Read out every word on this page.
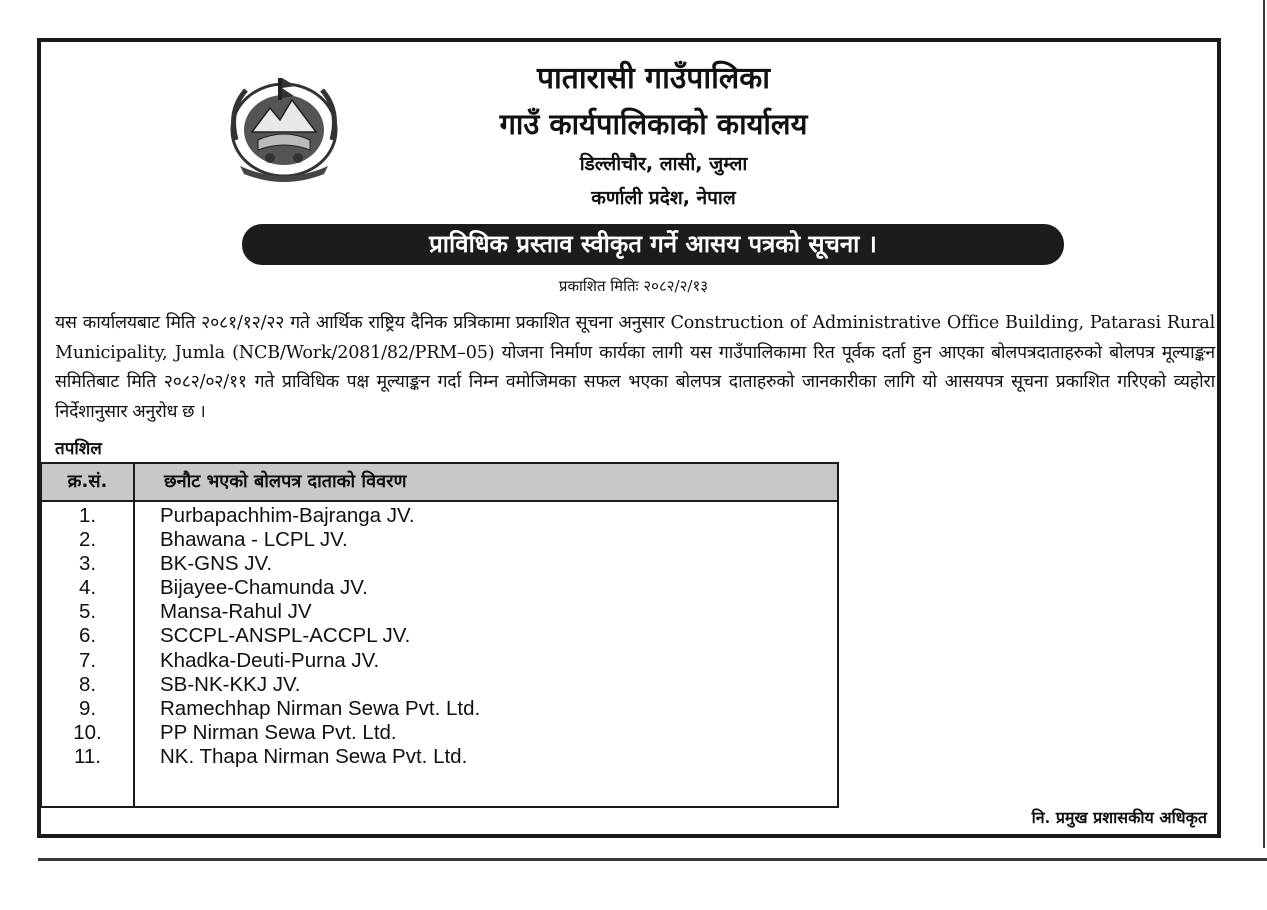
पातारासी गाउँपालिका
गाउँ कार्यपालिकाको कार्यालय
डिल्लीचौर, लासी, जुम्ला
कर्णाली प्रदेश, नेपाल
प्राविधिक प्रस्ताव स्वीकृत गर्ने आसय पत्रको सूचना ।
प्रकाशित मितिः २०८२/२/१३
यस कार्यालयबाट मिति २०८१/१२/२२ गते आर्थिक राष्ट्रिय दैनिक प्रत्रिकामा प्रकाशित सूचना अनुसार Construction of Administrative Office Building, Patarasi Rural Municipality, Jumla (NCB/Work/2081/82/PRM–05) योजना निर्माण कार्यका लागी यस गाउँपालिकामा रित पूर्वक दर्ता हुन आएका बोलपत्रदाताहरुको बोलपत्र मूल्याङ्कन समितिबाट मिति २०८२/०२/११ गते प्राविधिक पक्ष मूल्याङ्कन गर्दा निम्न वमोजिमका सफल भएका बोलपत्र दाताहरुको जानकारीका लागि यो आसयपत्र सूचना प्रकाशित गरिएको व्यहोरा निर्देशानुसार अनुरोध छ ।
तपशिल
क्र.सं.	छनौट भएको बोलपत्र दाताको विवरण
1.	Purbapachhim-Bajranga JV.
2.	Bhawana - LCPL JV.
3.	BK-GNS JV.
4.	Bijayee-Chamunda JV.
5.	Mansa-Rahul JV
6.	SCCPL-ANSPL-ACCPL JV.
7.	Khadka-Deuti-Purna JV.
8.	SB-NK-KKJ JV.
9.	Ramechhap Nirman Sewa Pvt. Ltd.
10.	PP Nirman Sewa Pvt. Ltd.
11.	NK. Thapa Nirman Sewa Pvt. Ltd.
नि. प्रमुख प्रशासकीय अधिकृत
